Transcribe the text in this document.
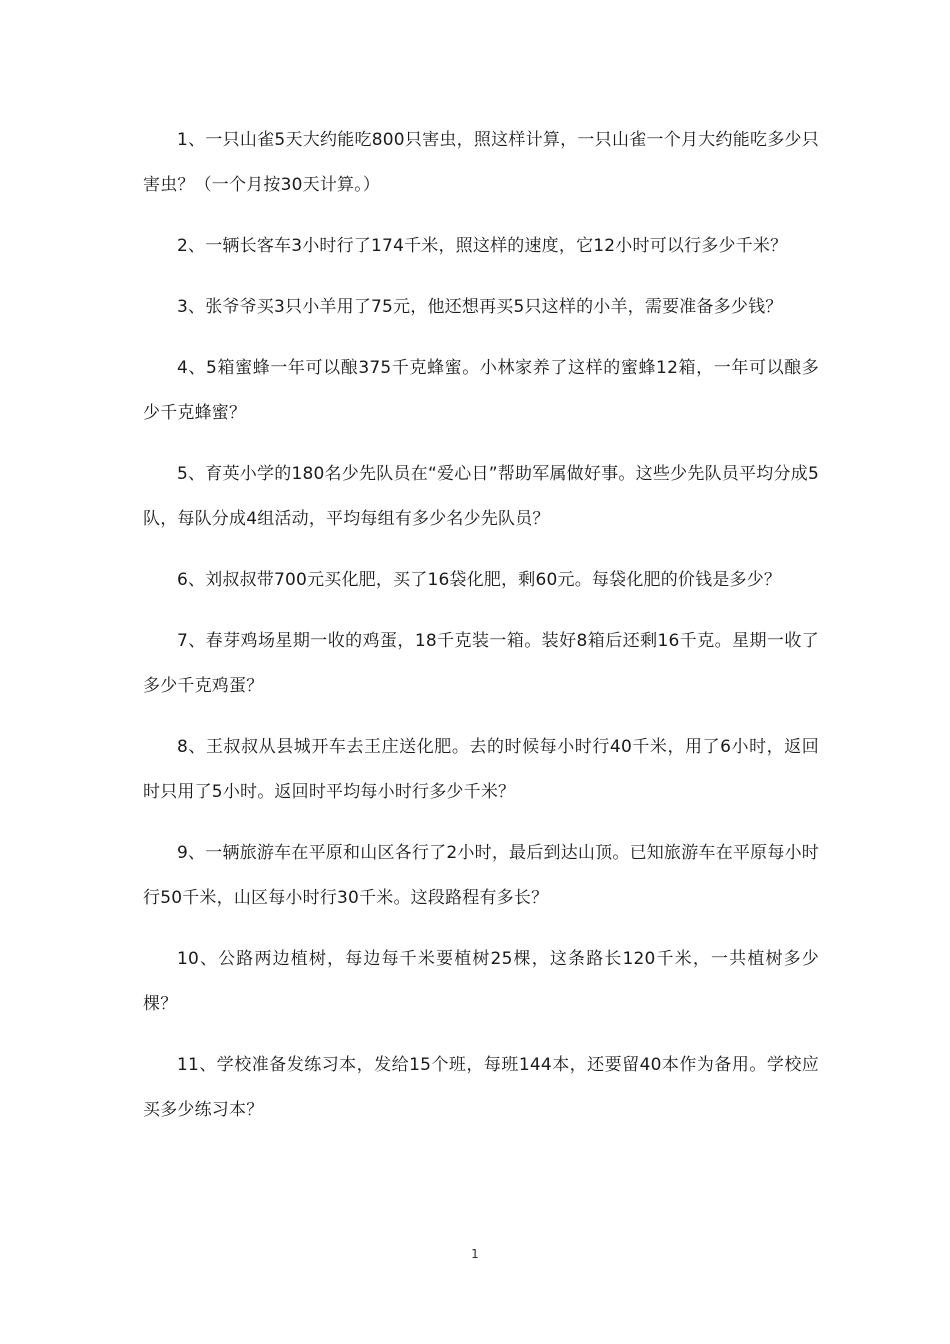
1、一只山雀5天大约能吃800只害虫，照这样计算，一只山雀一个月大约能吃多少只害虫？（一个月按30天计算。）

2、一辆长客车3小时行了174千米，照这样的速度，它12小时可以行多少千米？

3、张爷爷买3只小羊用了75元，他还想再买5只这样的小羊，需要准备多少钱？

4、5箱蜜蜂一年可以酿375千克蜂蜜。小林家养了这样的蜜蜂12箱，一年可以酿多少千克蜂蜜？

5、育英小学的180名少先队员在“爱心日”帮助军属做好事。这些少先队员平均分成5队，每队分成4组活动，平均每组有多少名少先队员？

6、刘叔叔带700元买化肥，买了16袋化肥，剩60元。每袋化肥的价钱是多少？

7、春芽鸡场星期一收的鸡蛋，18千克装一箱。装好8箱后还剩16千克。星期一收了多少千克鸡蛋？

8、王叔叔从县城开车去王庄送化肥。去的时候每小时行40千米，用了6小时，返回时只用了5小时。返回时平均每小时行多少千米？

9、一辆旅游车在平原和山区各行了2小时，最后到达山顶。已知旅游车在平原每小时行50千米，山区每小时行30千米。这段路程有多长？

10、公路两边植树，每边每千米要植树25棵，这条路长120千米，一共植树多少棵？

11、学校准备发练习本，发给15个班，每班144本，还要留40本作为备用。学校应买多少练习本？

1
